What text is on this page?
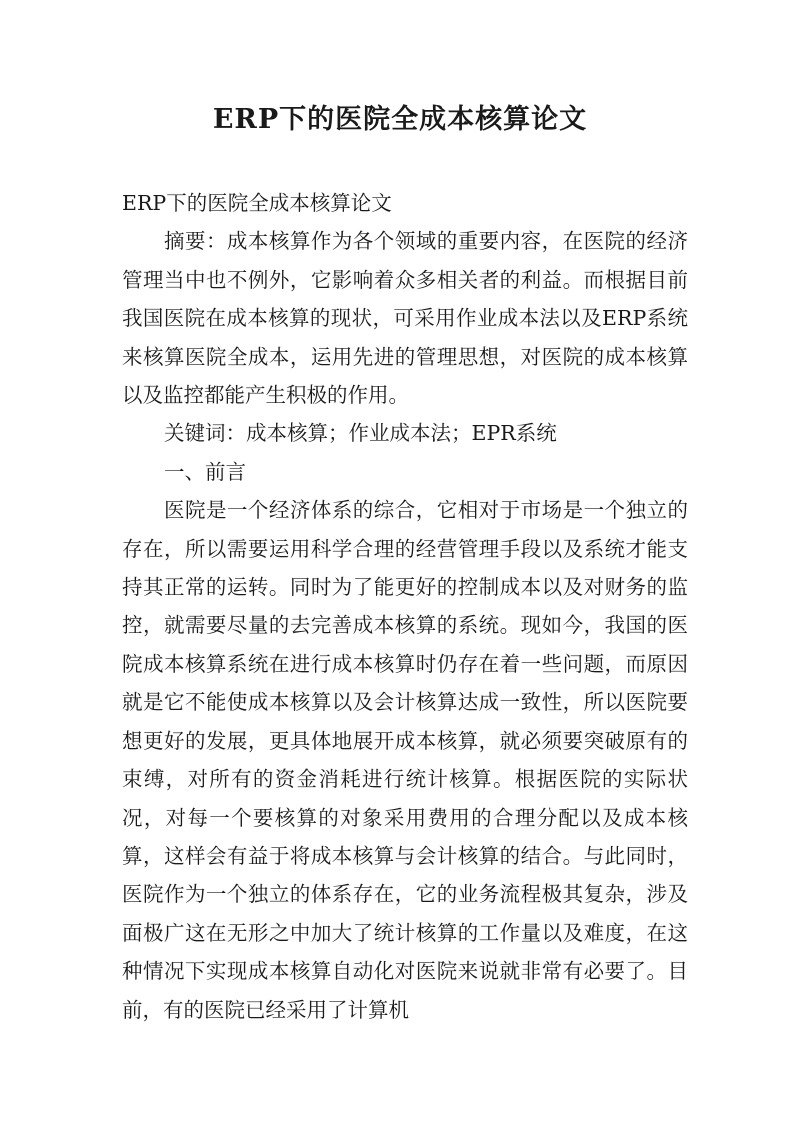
ERP下的医院全成本核算论文

ERP下的医院全成本核算论文

摘要：成本核算作为各个领域的重要内容，在医院的经济管理当中也不例外，它影响着众多相关者的利益。而根据目前我国医院在成本核算的现状，可采用作业成本法以及ERP系统来核算医院全成本，运用先进的管理思想，对医院的成本核算以及监控都能产生积极的作用。

关键词：成本核算；作业成本法；EPR系统

一、前言

医院是一个经济体系的综合，它相对于市场是一个独立的存在，所以需要运用科学合理的经营管理手段以及系统才能支持其正常的运转。同时为了能更好的控制成本以及对财务的监控，就需要尽量的去完善成本核算的系统。现如今，我国的医院成本核算系统在进行成本核算时仍存在着一些问题，而原因就是它不能使成本核算以及会计核算达成一致性，所以医院要想更好的发展，更具体地展开成本核算，就必须要突破原有的束缚，对所有的资金消耗进行统计核算。根据医院的实际状况，对每一个要核算的对象采用费用的合理分配以及成本核算，这样会有益于将成本核算与会计核算的结合。与此同时，医院作为一个独立的体系存在，它的业务流程极其复杂，涉及面极广这在无形之中加大了统计核算的工作量以及难度，在这种情况下实现成本核算自动化对医院来说就非常有必要了。目前，有的医院已经采用了计算机
